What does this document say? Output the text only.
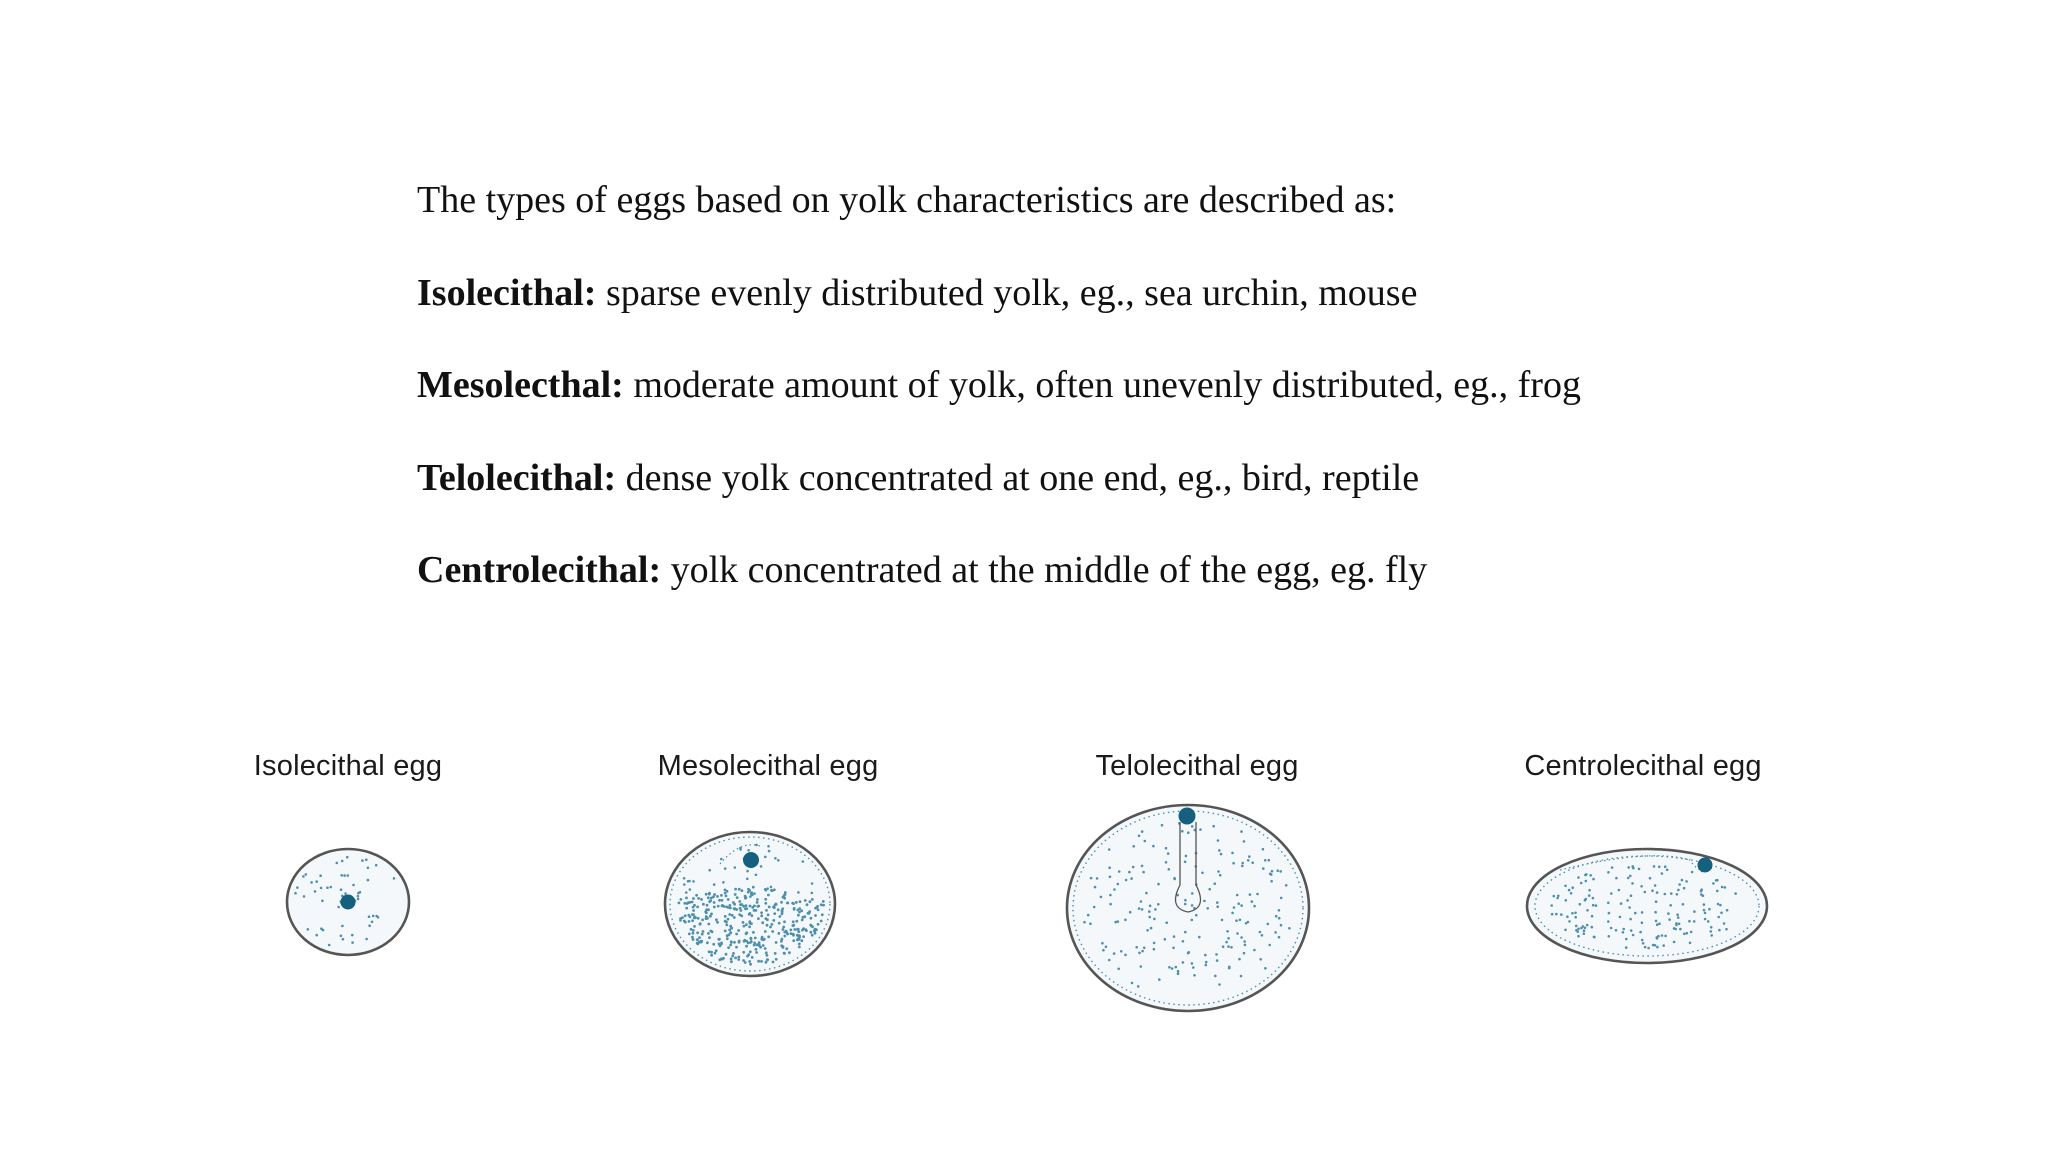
The types of eggs based on yolk characteristics are described as:

Isolecithal: sparse evenly distributed yolk, eg., sea urchin, mouse

Mesolecthal: moderate amount of yolk, often unevenly distributed, eg., frog

Telolecithal: dense yolk concentrated at one end, eg., bird, reptile

Centrolecithal: yolk concentrated at the middle of the egg, eg. fly

Isolecithal egg	Mesolecithal egg	Telolecithal egg	Centrolecithal egg
